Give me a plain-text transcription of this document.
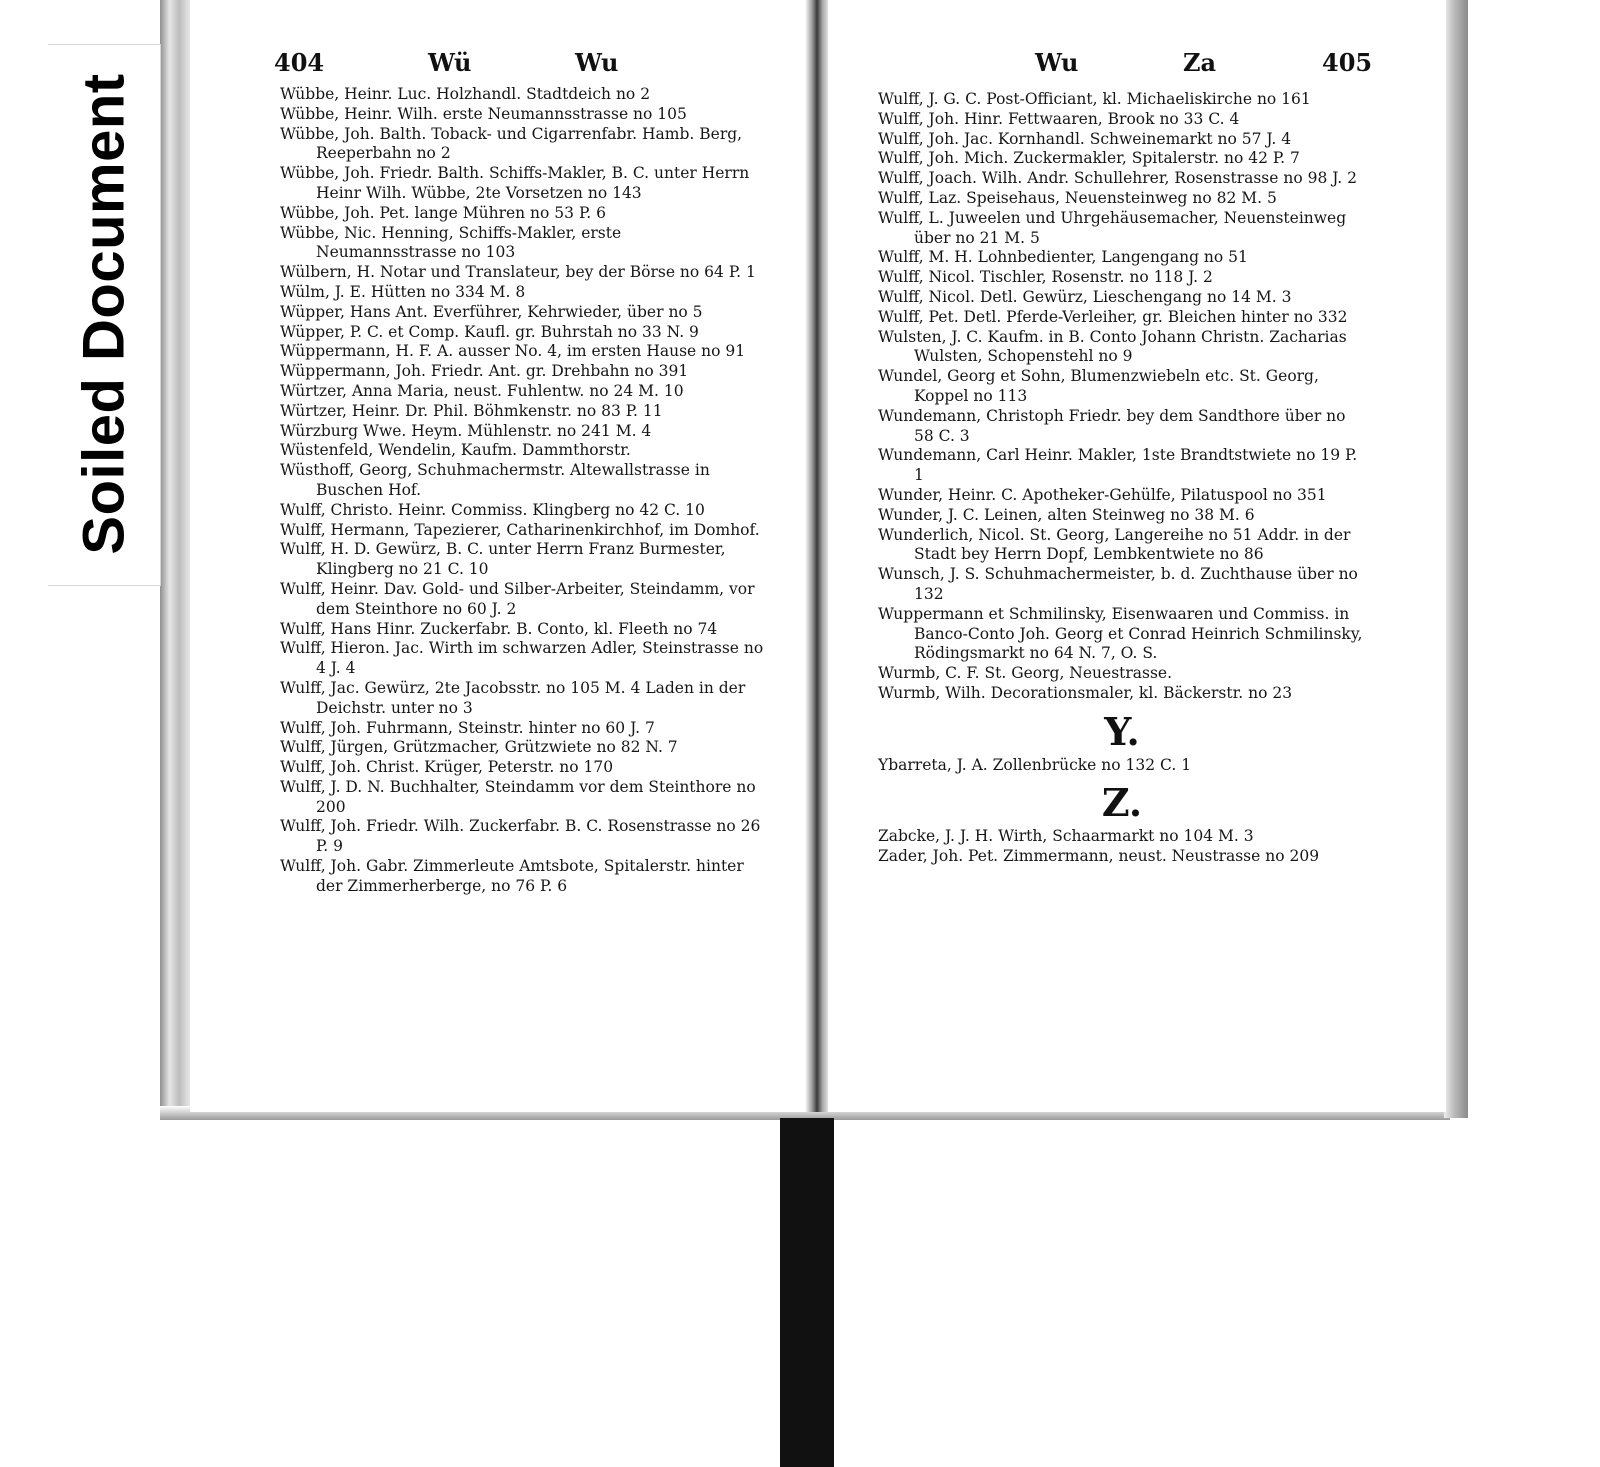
Soiled Document
404	Wü	Wu
Wübbe, Heinr. Luc. Holzhandl. Stadtdeich no 2
Wübbe, Heinr. Wilh. erste Neumannsstrasse no 105
Wübbe, Joh. Balth. Toback- und Cigarrenfabr. Hamb. Berg, Reeperbahn no 2
Wübbe, Joh. Friedr. Balth. Schiffs-Makler, B. C. unter Herrn Heinr Wilh. Wübbe, 2te Vorsetzen no 143
Wübbe, Joh. Pet. lange Mühren no 53 P. 6
Wübbe, Nic. Henning, Schiffs-Makler, erste Neumannsstrasse no 103
Wülbern, H. Notar und Translateur, bey der Börse no 64 P. 1
Wülm, J. E. Hütten no 334 M. 8
Wüpper, Hans Ant. Everführer, Kehrwieder, über no 5
Wüpper, P. C. et Comp. Kaufl. gr. Buhrstah no 33 N. 9
Wüppermann, H. F. A. ausser No. 4, im ersten Hause no 91
Wüppermann, Joh. Friedr. Ant. gr. Drehbahn no 391
Würtzer, Anna Maria, neust. Fuhlentw. no 24 M. 10
Würtzer, Heinr. Dr. Phil. Böhmkenstr. no 83 P. 11
Würzburg Wwe. Heym. Mühlenstr. no 241 M. 4
Wüstenfeld, Wendelin, Kaufm. Dammthorstr.
Wüsthoff, Georg, Schuhmachermstr. Altewallstrasse in Buschen Hof.
Wulff, Christo. Heinr. Commiss. Klingberg no 42 C. 10
Wulff, Hermann, Tapezierer, Catharinenkirchhof, im Domhof.
Wulff, H. D. Gewürz, B. C. unter Herrn Franz Burmester, Klingberg no 21 C. 10
Wulff, Heinr. Dav. Gold- und Silber-Arbeiter, Steindamm, vor dem Steinthore no 60 J. 2
Wulff, Hans Hinr. Zuckerfabr. B. Conto, kl. Fleeth no 74
Wulff, Hieron. Jac. Wirth im schwarzen Adler, Steinstrasse no 4 J. 4
Wulff, Jac. Gewürz, 2te Jacobsstr. no 105 M. 4 Laden in der Deichstr. unter no 3
Wulff, Joh. Fuhrmann, Steinstr. hinter no 60 J. 7
Wulff, Jürgen, Grützmacher, Grützwiete no 82 N. 7
Wulff, Joh. Christ. Krüger, Peterstr. no 170
Wulff, J. D. N. Buchhalter, Steindamm vor dem Steinthore no 200
Wulff, Joh. Friedr. Wilh. Zuckerfabr. B. C. Rosenstrasse no 26 P. 9
Wulff, Joh. Gabr. Zimmerleute Amtsbote, Spitalerstr. hinter der Zimmerherberge, no 76 P. 6
Wu	Za	405
Wulff, J. G. C. Post-Officiant, kl. Michaeliskirche no 161
Wulff, Joh. Hinr. Fettwaaren, Brook no 33 C. 4
Wulff, Joh. Jac. Kornhandl. Schweinemarkt no 57 J. 4
Wulff, Joh. Mich. Zuckermakler, Spitalerstr. no 42 P. 7
Wulff, Joach. Wilh. Andr. Schullehrer, Rosenstrasse no 98 J. 2
Wulff, Laz. Speisehaus, Neuensteinweg no 82 M. 5
Wulff, L. Juweelen und Uhrgehäusemacher, Neuensteinweg über no 21 M. 5
Wulff, M. H. Lohnbedienter, Langengang no 51
Wulff, Nicol. Tischler, Rosenstr. no 118 J. 2
Wulff, Nicol. Detl. Gewürz, Lieschengang no 14 M. 3
Wulff, Pet. Detl. Pferde-Verleiher, gr. Bleichen hinter no 332
Wulsten, J. C. Kaufm. in B. Conto Johann Christn. Zacharias Wulsten, Schopenstehl no 9
Wundel, Georg et Sohn, Blumenzwiebeln etc. St. Georg, Koppel no 113
Wundemann, Christoph Friedr. bey dem Sandthore über no 58 C. 3
Wundemann, Carl Heinr. Makler, 1ste Brandtstwiete no 19 P. 1
Wunder, Heinr. C. Apotheker-Gehülfe, Pilatuspool no 351
Wunder, J. C. Leinen, alten Steinweg no 38 M. 6
Wunderlich, Nicol. St. Georg, Langereihe no 51 Addr. in der Stadt bey Herrn Dopf, Lembkentwiete no 86
Wunsch, J. S. Schuhmachermeister, b. d. Zuchthause über no 132
Wuppermann et Schmilinsky, Eisenwaaren und Commiss. in Banco-Conto Joh. Georg et Conrad Heinrich Schmilinsky, Rödingsmarkt no 64 N. 7, O. S.
Wurmb, C. F. St. Georg, Neuestrasse.
Wurmb, Wilh. Decorationsmaler, kl. Bäckerstr. no 23
Y.
Ybarreta, J. A. Zollenbrücke no 132 C. 1
Z.
Zabcke, J. J. H. Wirth, Schaarmarkt no 104 M. 3
Zader, Joh. Pet. Zimmermann, neust. Neustrasse no 209
